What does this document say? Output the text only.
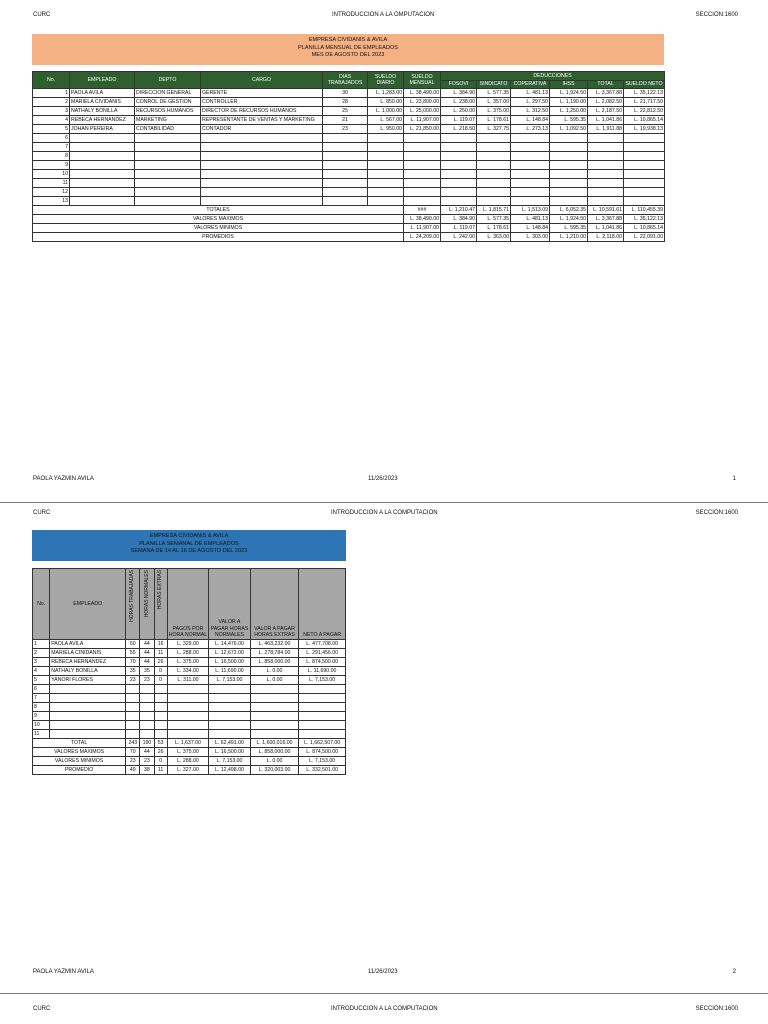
CURC	INTRODUCCION A LA OMPUTACION	SECCION:1600
EMPRESA CIVIDANIS & AVILA
PLANILLA MENSUAL DE EMPLEADOS
MES DE AGOSTO DEL 2023
No.	EMPLEADO	DEPTO	CARGO	DIAS TRABAJADOS	SUELDO DIARIO	SUELDO MENSUAL	DEDUCCIONES					
							FOSOVI	SINDICATO	COPERATIVA	IHSS	TOTAL	SUELDO NETO
1	PAOLA AVILA	DIRECCION GENERAL	GERENTE	30	L. 1,283.00	L. 38,490.00	L. 384.90	L. 577.35	L. 481.13	L. 1,924.50	L. 3,367.88	L. 35,122.13
2	MARIELA CIVIDANIS	CONROL DE GESTION	CONTROLLER	28	L. 850.00	L. 23,800.00	L. 238.00	L. 357.00	L. 297.50	L. 1,190.00	L. 2,082.50	L. 21,717.50
3	NATHALY BONILLA	RECURSOS HUMANOS	DIRECTOR DE RECURSOS HUMANOS	25	L. 1,000.00	L. 25,000.00	L. 250.00	L. 375.00	L. 312.50	L. 1,250.00	L. 2,187.50	L. 22,812.50
4	REBECA HERNANDEZ	MARKETING	REPRESENTANTE DE VENTAS Y MARKETING	21	L. 567.00	L. 11,907.00	L. 119.07	L. 178.61	L. 148.84	L. 595.35	L. 1,041.86	L. 10,865.14
5	JOHAN PEREIRA	CONTABILIDAD	CONTADOR	23	L. 950.00	L. 21,850.00	L. 218.50	L. 327.75	L. 273.13	L. 1,092.50	L. 1,911.88	L. 19,938.13
6												
7												
8												
9												
10												
11												
12												
13												
TOTALES						###	L. 1,210.47	L. 1,815.71	L. 1,513.09	L. 6,052.35	L. 10,591.61	L. 110,455.39
VALORES MAXIMOS						L. 38,490.00	L. 384.90	L. 577.35	L. 481.13	L. 1,924.50	L. 3,367.88	L. 35,122.13
VALORES MINIMOS						L. 11,907.00	L. 119.07	L. 178.61	L. 148.84	L. 595.35	L. 1,041.86	L. 10,865.14
PROMEDIOS						L. 24,209.00	L. 242.00	L. 363.00	L. 303.00	L. 1,210.00	L. 2,118.00	L. 22,091.00
PAOLA YAZMIN AVILA	11/26/2023	1
CURC	INTRODUCCION A LA COMPUTACION	SECCION:1600
EMPRESA CIVIDANIS & AVILA
PLANILLA SEMANAL DE EMPLEADOS
SEMANA DE 14 AL 16 DE AGOSTO DEL 2023
No.	EMPLEADO	HORAS TRABAJADAS	HORAS NORMALES	HORAS EXTRAS	PAGOS POR HORA NORMAL	VALOR A PAGAR HORAS NORMALES	VALOR A PAGAR HORAS EXTRAS	NETO A PAGAR
1	PAOLA AVILA	60	44	16	L. 329.00	L. 14,476.00	L. 463,232.00	L. 477,708.00
2	MARIELA CINIDANIS	55	44	11	L. 288.00	L. 12,672.00	L. 278,784.00	L. 291,456.00
3	REBECA HERNANDEZ	70	44	26	L. 375.00	L. 16,500.00	L. 858,000.00	L. 874,500.00
4	NATHALY BONILLA	35	35	0	L. 334.00	L. 11,690.00	L. 0.00	L. 11,690.00
5	YANORI FLORES	23	23	0	L. 311.00	L. 7,153.00	L. 0.00	L. 7,153.00
6								
7								
8								
9								
10								
11								
TOTAL		243	190	53	L. 1,637.00	L. 62,491.00	L. 1,600,016.00	L. 1,662,507.00
VALORES MAXIMOS		70	44	26	L. 375.00	L. 16,500.00	L. 858,000.00	L. 874,500.00
VALORES MINIMOS		23	23	0	L. 288.00	L. 7,153.00	L. 0.00	L. 7,153.00
PROMEDIO		49	38	11	L. 327.00	L. 12,498.00	L. 320,003.00	L. 332,501.00
PAOLA YAZMIN AVILA	11/26/2023	2
CURC	INTRODUCCION A LA COMPUTACION	SECCION:1600
